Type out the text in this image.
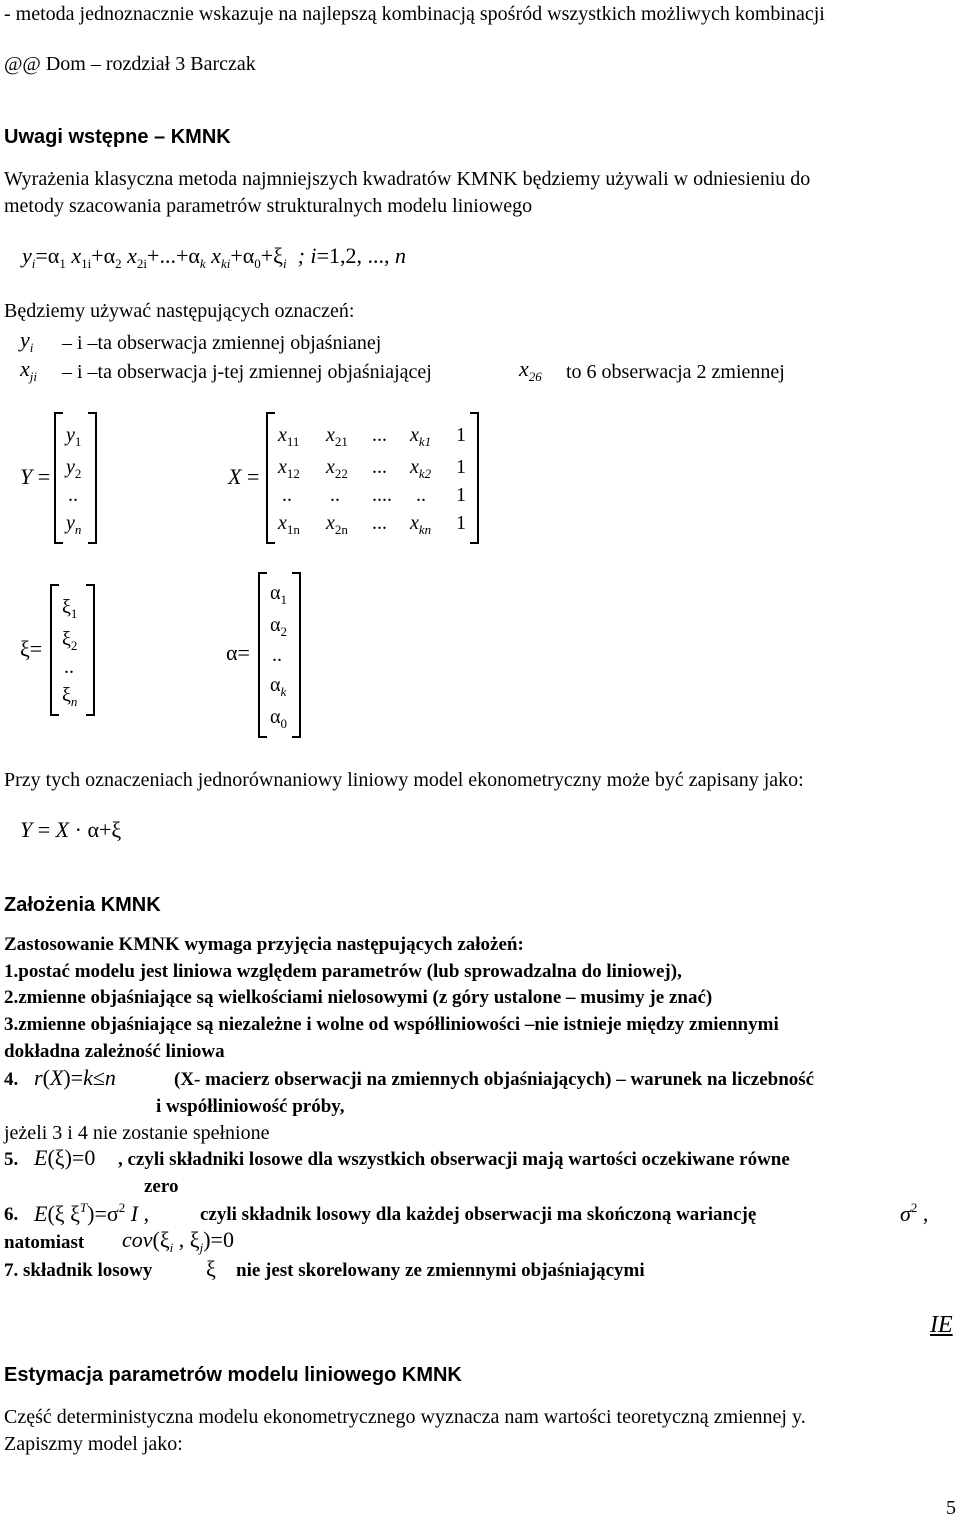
- metoda jednoznacznie wskazuje na najlepszą kombinacją spośród wszystkich możliwych kombinacji
@@ Dom – rozdział 3 Barczak
Uwagi wstępne – KMNK
Wyrażenia klasyczna metoda najmniejszych kwadratów KMNK będziemy używali w odniesieniu do
metody szacowania parametrów strukturalnych modelu liniowego
$y_i=\alpha_1$ $x_{1i}+\alpha_2$ $x_{2i}+...+\alpha_k$ $x_{ki}+\alpha_0+\xi_i$ ; i=1,2, ..., n
Będziemy używać następujących oznaczeń:
$y_i$ – i –ta obserwacja zmiennej objaśnianej
$x_{ji}$ – i –ta obserwacja j-tej zmiennej objaśniającej	$x_{26}$ to 6 obserwacja 2 zmiennej
Y =
$y_1$
$y_2$
..
$y_n$
X =
$x_{11}$ $x_{21}$ ... $x_{k1}$ 1
$x_{12}$ $x_{22}$ ... $x_{k2}$ 1
.. .. .... .. 1
$x_{1n}$ $x_{2n}$ ... $x_{kn}$ 1
ξ=
$\xi_1$
$\xi_2$
..
$\xi_n$
α=
$\alpha_1$
$\alpha_2$
..
$\alpha_k$
$\alpha_0$
Przy tych oznaczeniach jednorównaniowy liniowy model ekonometryczny może być zapisany jako:
Y = X · α+ξ
Założenia KMNK
Zastosowanie KMNK wymaga przyjęcia następujących założeń:
1.postać modelu jest liniowa względem parametrów (lub sprowadzalna do liniowej),
2.zmienne objaśniające są wielkościami nielosowymi (z góry ustalone – musimy je znać)
3.zmienne objaśniające są niezależne i wolne od współliniowości –nie istnieje między zmiennymi
dokładna zależność liniowa
4. r(X)=k≤n	(X- macierz obserwacji na zmiennych objaśniających) – warunek na liczebność
i współliniowość próby,
jeżeli 3 i 4 nie zostanie spełnione
5. E(ξ)=0 , czyli składniki losowe dla wszystkich obserwacji mają wartości oczekiwane równe
zero
6. E(ξ $\xi^T)=\sigma^2$ I ,	czyli składnik losowy dla każdej obserwacji ma skończoną wariancję	$\sigma^2$ ,
natomiast $cov(\xi_i$ , $\xi_j)=0$
7. składnik losowy ξ nie jest skorelowany ze zmiennymi objaśniającymi
IE
Estymacja parametrów modelu liniowego KMNK
Część deterministyczna modelu ekonometrycznego wyznacza nam wartości teoretyczną zmiennej y.
Zapiszmy model jako:
5
